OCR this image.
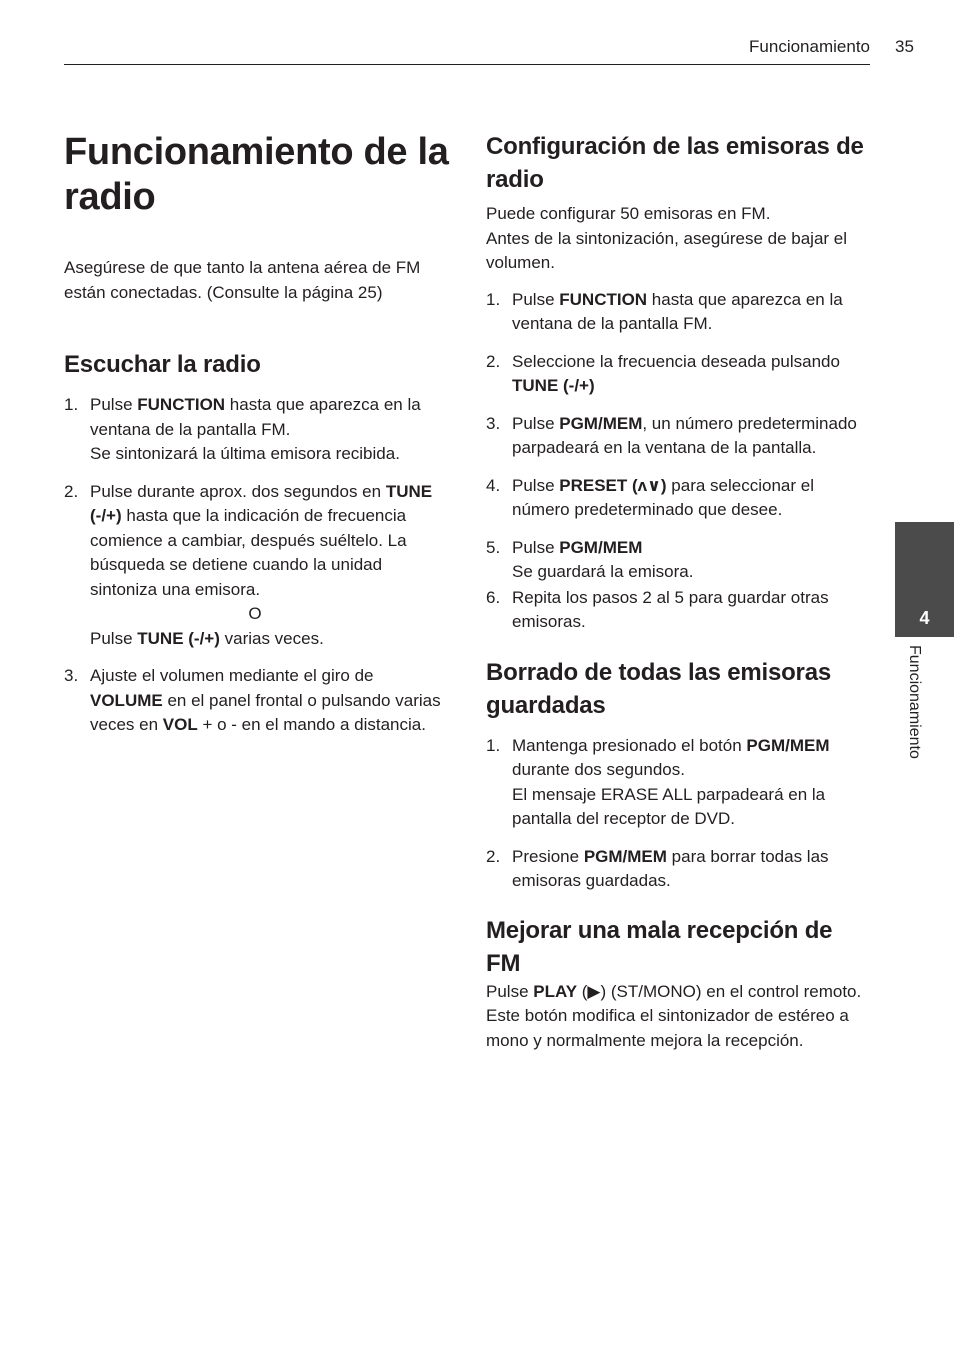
Funcionamiento 35
Funcionamiento de la radio

Asegúrese de que tanto la antena aérea de FM están conectadas. (Consulte la página 25)

Escuchar la radio
1. Pulse FUNCTION hasta que aparezca en la ventana de la pantalla FM.
Se sintonizará la última emisora recibida.
2. Pulse durante aprox. dos segundos en TUNE (-/+) hasta que la indicación de frecuencia comience a cambiar, después suéltelo. La búsqueda se detiene cuando la unidad sintoniza una emisora.
O
Pulse TUNE (-/+) varias veces.
3. Ajuste el volumen mediante el giro de VOLUME en el panel frontal o pulsando varias veces en VOL + o - en el mando a distancia.
Configuración de las emisoras de radio

Puede configurar 50 emisoras en FM.

Antes de la sintonización, asegúrese de bajar el volumen.

1. Pulse FUNCTION hasta que aparezca en la ventana de la pantalla FM.
2. Seleccione la frecuencia deseada pulsando TUNE (-/+)
3. Pulse PGM/MEM, un número predeterminado parpadeará en la ventana de la pantalla.
4. Pulse PRESET (ʌ∨) para seleccionar el número predeterminado que desee.
5. Pulse PGM/MEM
Se guardará la emisora.
6. Repita los pasos 2 al 5 para guardar otras emisoras.
Borrado de todas las emisoras guardadas
1. Mantenga presionado el botón PGM/MEM durante dos segundos.
El mensaje ERASE ALL parpadeará en la pantalla del receptor de DVD.
2. Presione PGM/MEM para borrar todas las emisoras guardadas.
Mejorar una mala recepción de FM

Pulse PLAY (▶) (ST/MONO) en el control remoto. Este botón modifica el sintonizador de estéreo a mono y normalmente mejora la recepción.

4
Funcionamiento
